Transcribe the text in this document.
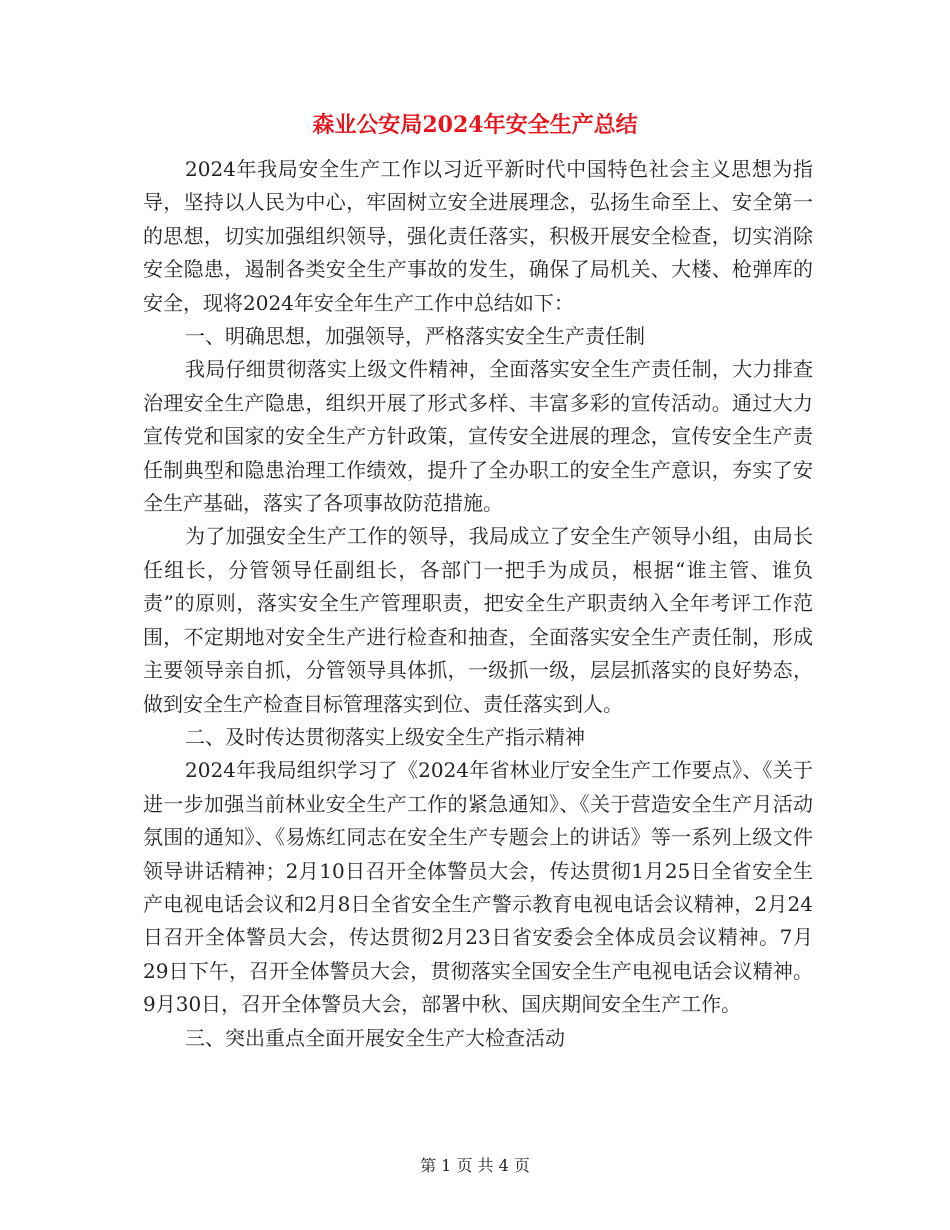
森业公安局2024年安全生产总结

2024年我局安全生产工作以习近平新时代中国特色社会主义思想为指导，坚持以人民为中心，牢固树立安全进展理念，弘扬生命至上、安全第一的思想，切实加强组织领导，强化责任落实，积极开展安全检查，切实消除安全隐患，遏制各类安全生产事故的发生，确保了局机关、大楼、枪弹库的安全，现将2024年安全年生产工作中总结如下：

一、明确思想，加强领导，严格落实安全生产责任制

我局仔细贯彻落实上级文件精神，全面落实安全生产责任制，大力排查治理安全生产隐患，组织开展了形式多样、丰富多彩的宣传活动。通过大力宣传党和国家的安全生产方针政策，宣传安全进展的理念，宣传安全生产责任制典型和隐患治理工作绩效，提升了全办职工的安全生产意识，夯实了安全生产基础，落实了各项事故防范措施。

为了加强安全生产工作的领导，我局成立了安全生产领导小组，由局长任组长，分管领导任副组长，各部门一把手为成员，根据“谁主管、谁负责”的原则，落实安全生产管理职责，把安全生产职责纳入全年考评工作范围，不定期地对安全生产进行检查和抽查，全面落实安全生产责任制，形成主要领导亲自抓，分管领导具体抓，一级抓一级，层层抓落实的良好势态，做到安全生产检查目标管理落实到位、责任落实到人。

二、及时传达贯彻落实上级安全生产指示精神

2024年我局组织学习了《2024年省林业厅安全生产工作要点》、《关于进一步加强当前林业安全生产工作的紧急通知》、《关于营造安全生产月活动氛围的通知》、《易炼红同志在安全生产专题会上的讲话》等一系列上级文件领导讲话精神；2月10日召开全体警员大会，传达贯彻1月25日全省安全生产电视电话会议和2月8日全省安全生产警示教育电视电话会议精神，2月24日召开全体警员大会，传达贯彻2月23日省安委会全体成员会议精神。7月29日下午，召开全体警员大会，贯彻落实全国安全生产电视电话会议精神。9月30日，召开全体警员大会，部署中秋、国庆期间安全生产工作。

三、突出重点全面开展安全生产大检查活动

第 1 页 共 4 页
